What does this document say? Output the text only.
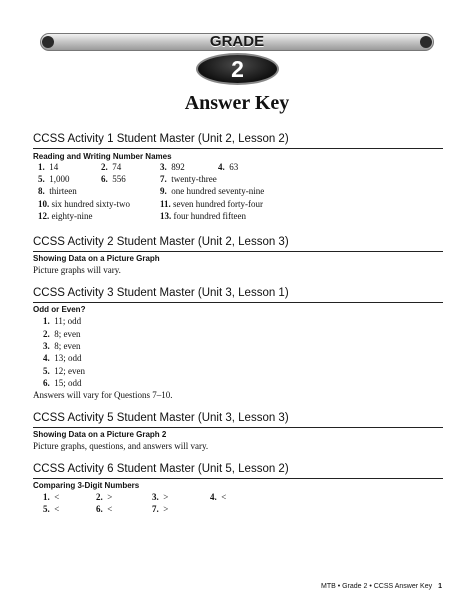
GRADE
2
Answer Key
CCSS Activity 1 Student Master (Unit 2, Lesson 2)
Reading and Writing Number Names
1. 14	2. 74	3. 892	4. 63
5. 1,000	6. 556	7. twenty-three
8. thirteen	9. one hundred seventy-nine
10. six hundred sixty-two	11. seven hundred forty-four
12. eighty-nine	13. four hundred fifteen
CCSS Activity 2 Student Master (Unit 2, Lesson 3)
Showing Data on a Picture Graph
Picture graphs will vary.
CCSS Activity 3 Student Master (Unit 3, Lesson 1)
Odd or Even?
1. 11; odd
2. 8; even
3. 8; even
4. 13; odd
5. 12; even
6. 15; odd
Answers will vary for Questions 7–10.
CCSS Activity 5 Student Master (Unit 3, Lesson 3)
Showing Data on a Picture Graph 2
Picture graphs, questions, and answers will vary.
CCSS Activity 6 Student Master (Unit 5, Lesson 2)
Comparing 3-Digit Numbers
1. <	2. >	3. >	4. <
5. <	6. <	7. >
MTB • Grade 2 • CCSS Answer Key 1
